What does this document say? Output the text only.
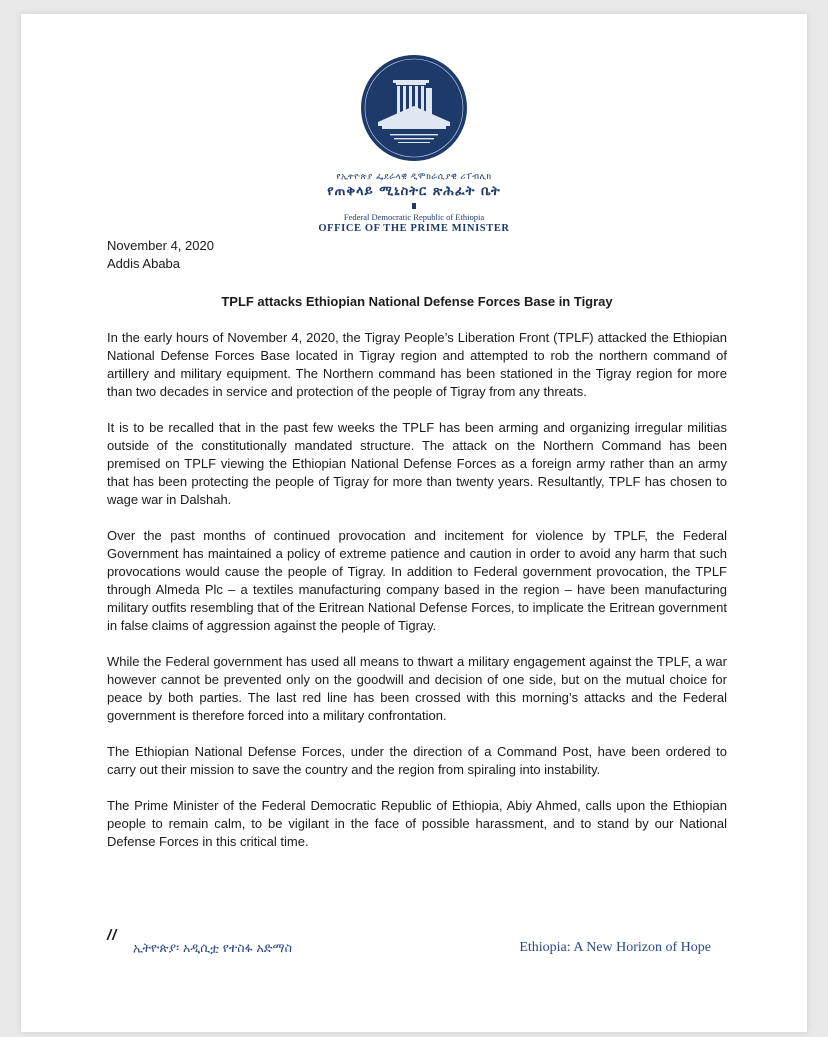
የኢትዮጵያ ፌደራላዊ ዲሞክራሲያዊ ሪፐብሊክ
የጠቅላይ ሚኒስትር ጽሕፈት ቤት
Federal Democratic Republic of Ethiopia
OFFICE OF THE PRIME MINISTER

November 4, 2020

Addis Ababa

TPLF attacks Ethiopian National Defense Forces Base in Tigray

In the early hours of November 4, 2020, the Tigray People’s Liberation Front (TPLF) attacked the Ethiopian National Defense Forces Base located in Tigray region and attempted to rob the northern command of artillery and military equipment. The Northern command has been stationed in the Tigray region for more than two decades in service and protection of the people of Tigray from any threats.

It is to be recalled that in the past few weeks the TPLF has been arming and organizing irregular militias outside of the constitutionally mandated structure. The attack on the Northern Command has been premised on TPLF viewing the Ethiopian National Defense Forces as a foreign army rather than an army that has been protecting the people of Tigray for more than twenty years. Resultantly, TPLF has chosen to wage war in Dalshah.

Over the past months of continued provocation and incitement for violence by TPLF, the Federal Government has maintained a policy of extreme patience and caution in order to avoid any harm that such provocations would cause the people of Tigray. In addition to Federal government provocation, the TPLF through Almeda Plc – a textiles manufacturing company based in the region – have been manufacturing military outfits resembling that of the Eritrean National Defense Forces, to implicate the Eritrean government in false claims of aggression against the people of Tigray.

While the Federal government has used all means to thwart a military engagement against the TPLF, a war however cannot be prevented only on the goodwill and decision of one side, but on the mutual choice for peace by both parties. The last red line has been crossed with this morning’s attacks and the Federal government is therefore forced into a military confrontation.

The Ethiopian National Defense Forces, under the direction of a Command Post, have been ordered to carry out their mission to save the country and the region from spiraling into instability.

The Prime Minister of the Federal Democratic Republic of Ethiopia, Abiy Ahmed, calls upon the Ethiopian people to remain calm, to be vigilant in the face of possible harassment, and to stand by our National Defense Forces in this critical time.

//
ኢትዮጵያ፡ አዲሲቷ የተስፋ አድማስ	Ethiopia: A New Horizon of Hope
